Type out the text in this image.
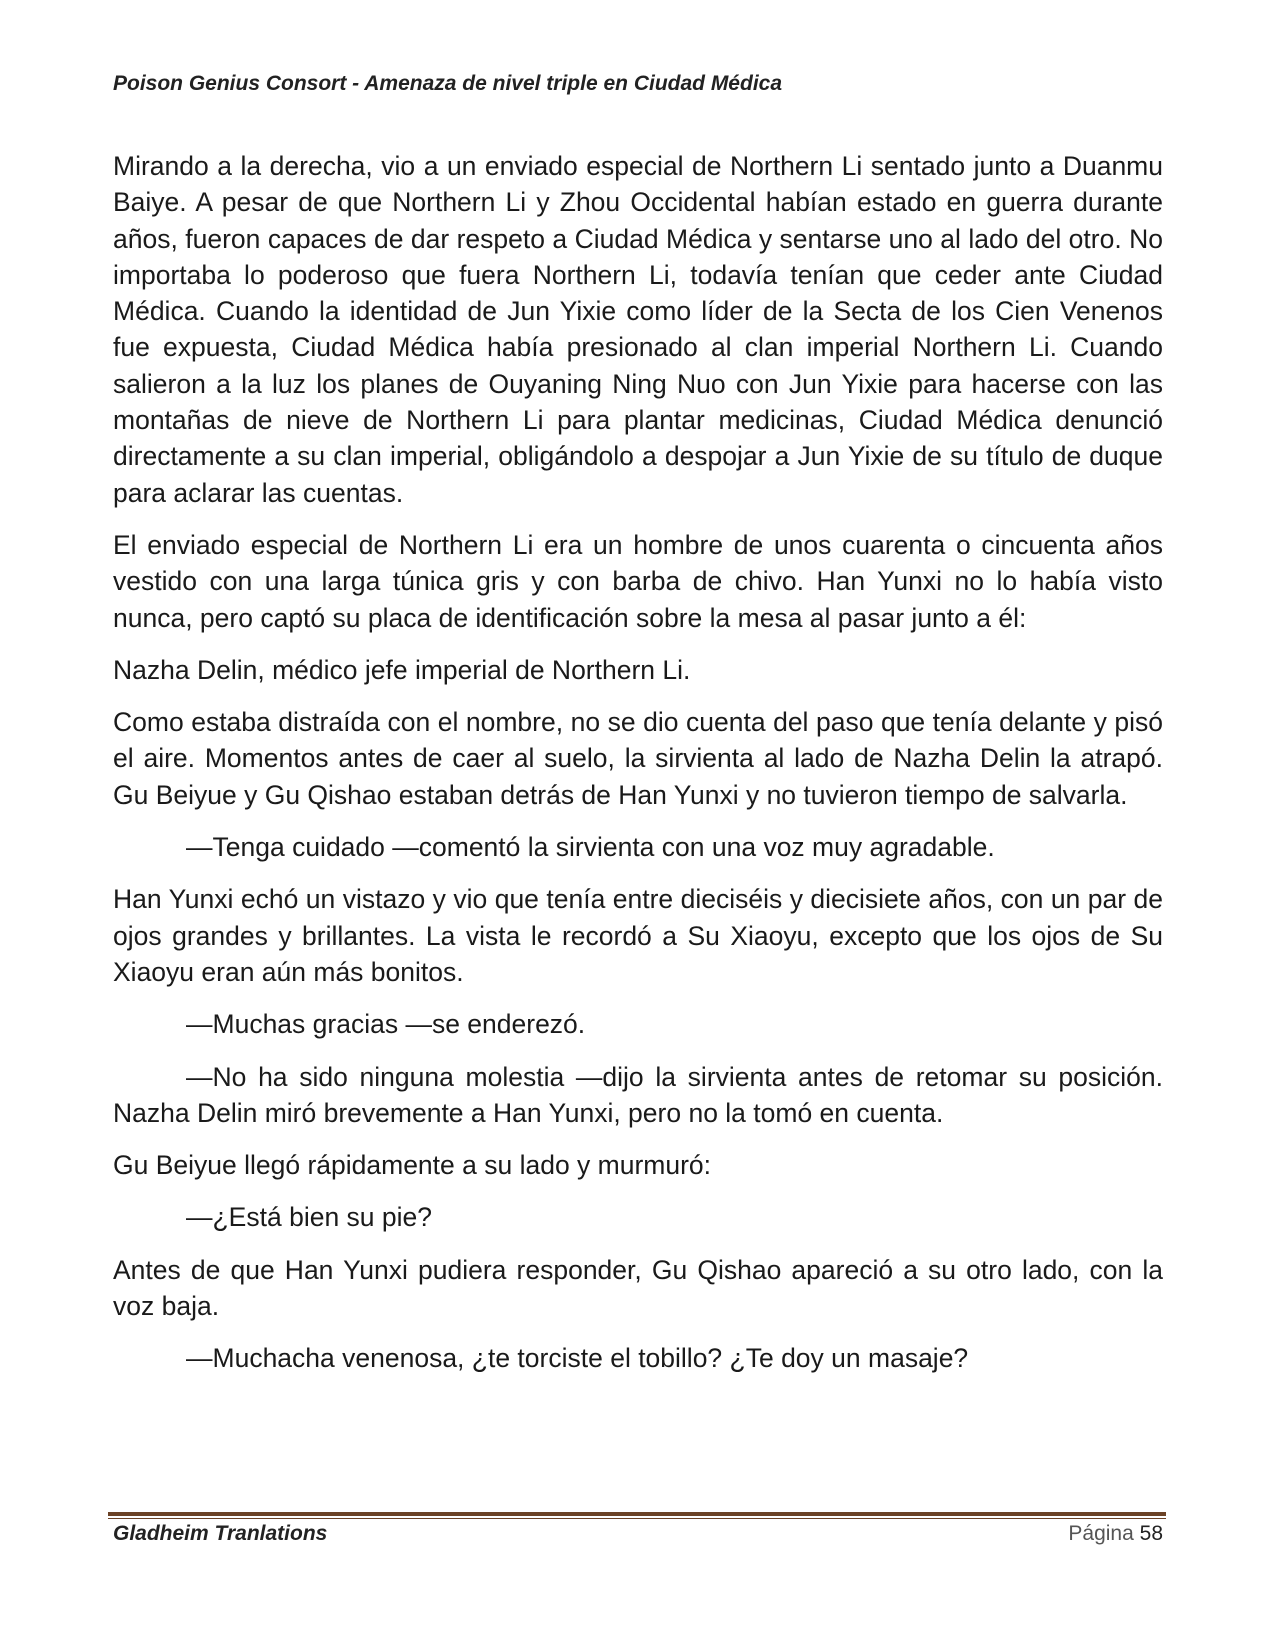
Poison Genius Consort - Amenaza de nivel triple en Ciudad Médica

Mirando a la derecha, vio a un enviado especial de Northern Li sentado junto a Duanmu Baiye. A pesar de que Northern Li y Zhou Occidental habían estado en guerra durante años, fueron capaces de dar respeto a Ciudad Médica y sentarse uno al lado del otro. No importaba lo poderoso que fuera Northern Li, todavía tenían que ceder ante Ciudad Médica. Cuando la identidad de Jun Yixie como líder de la Secta de los Cien Venenos fue expuesta, Ciudad Médica había presionado al clan imperial Northern Li. Cuando salieron a la luz los planes de Ouyaning Ning Nuo con Jun Yixie para hacerse con las montañas de nieve de Northern Li para plantar medicinas, Ciudad Médica denunció directamente a su clan imperial, obligándolo a despojar a Jun Yixie de su título de duque para aclarar las cuentas.

El enviado especial de Northern Li era un hombre de unos cuarenta o cincuenta años vestido con una larga túnica gris y con barba de chivo. Han Yunxi no lo había visto nunca, pero captó su placa de identificación sobre la mesa al pasar junto a él:

Nazha Delin, médico jefe imperial de Northern Li.

Como estaba distraída con el nombre, no se dio cuenta del paso que tenía delante y pisó el aire. Momentos antes de caer al suelo, la sirvienta al lado de Nazha Delin la atrapó. Gu Beiyue y Gu Qishao estaban detrás de Han Yunxi y no tuvieron tiempo de salvarla.

—Tenga cuidado —comentó la sirvienta con una voz muy agradable.

Han Yunxi echó un vistazo y vio que tenía entre dieciséis y diecisiete años, con un par de ojos grandes y brillantes. La vista le recordó a Su Xiaoyu, excepto que los ojos de Su Xiaoyu eran aún más bonitos.

—Muchas gracias —se enderezó.

—No ha sido ninguna molestia —dijo la sirvienta antes de retomar su posición. Nazha Delin miró brevemente a Han Yunxi, pero no la tomó en cuenta.

Gu Beiyue llegó rápidamente a su lado y murmuró:

—¿Está bien su pie?

Antes de que Han Yunxi pudiera responder, Gu Qishao apareció a su otro lado, con la voz baja.

—Muchacha venenosa, ¿te torciste el tobillo? ¿Te doy un masaje?

Gladheim Tranlations	Página 58
